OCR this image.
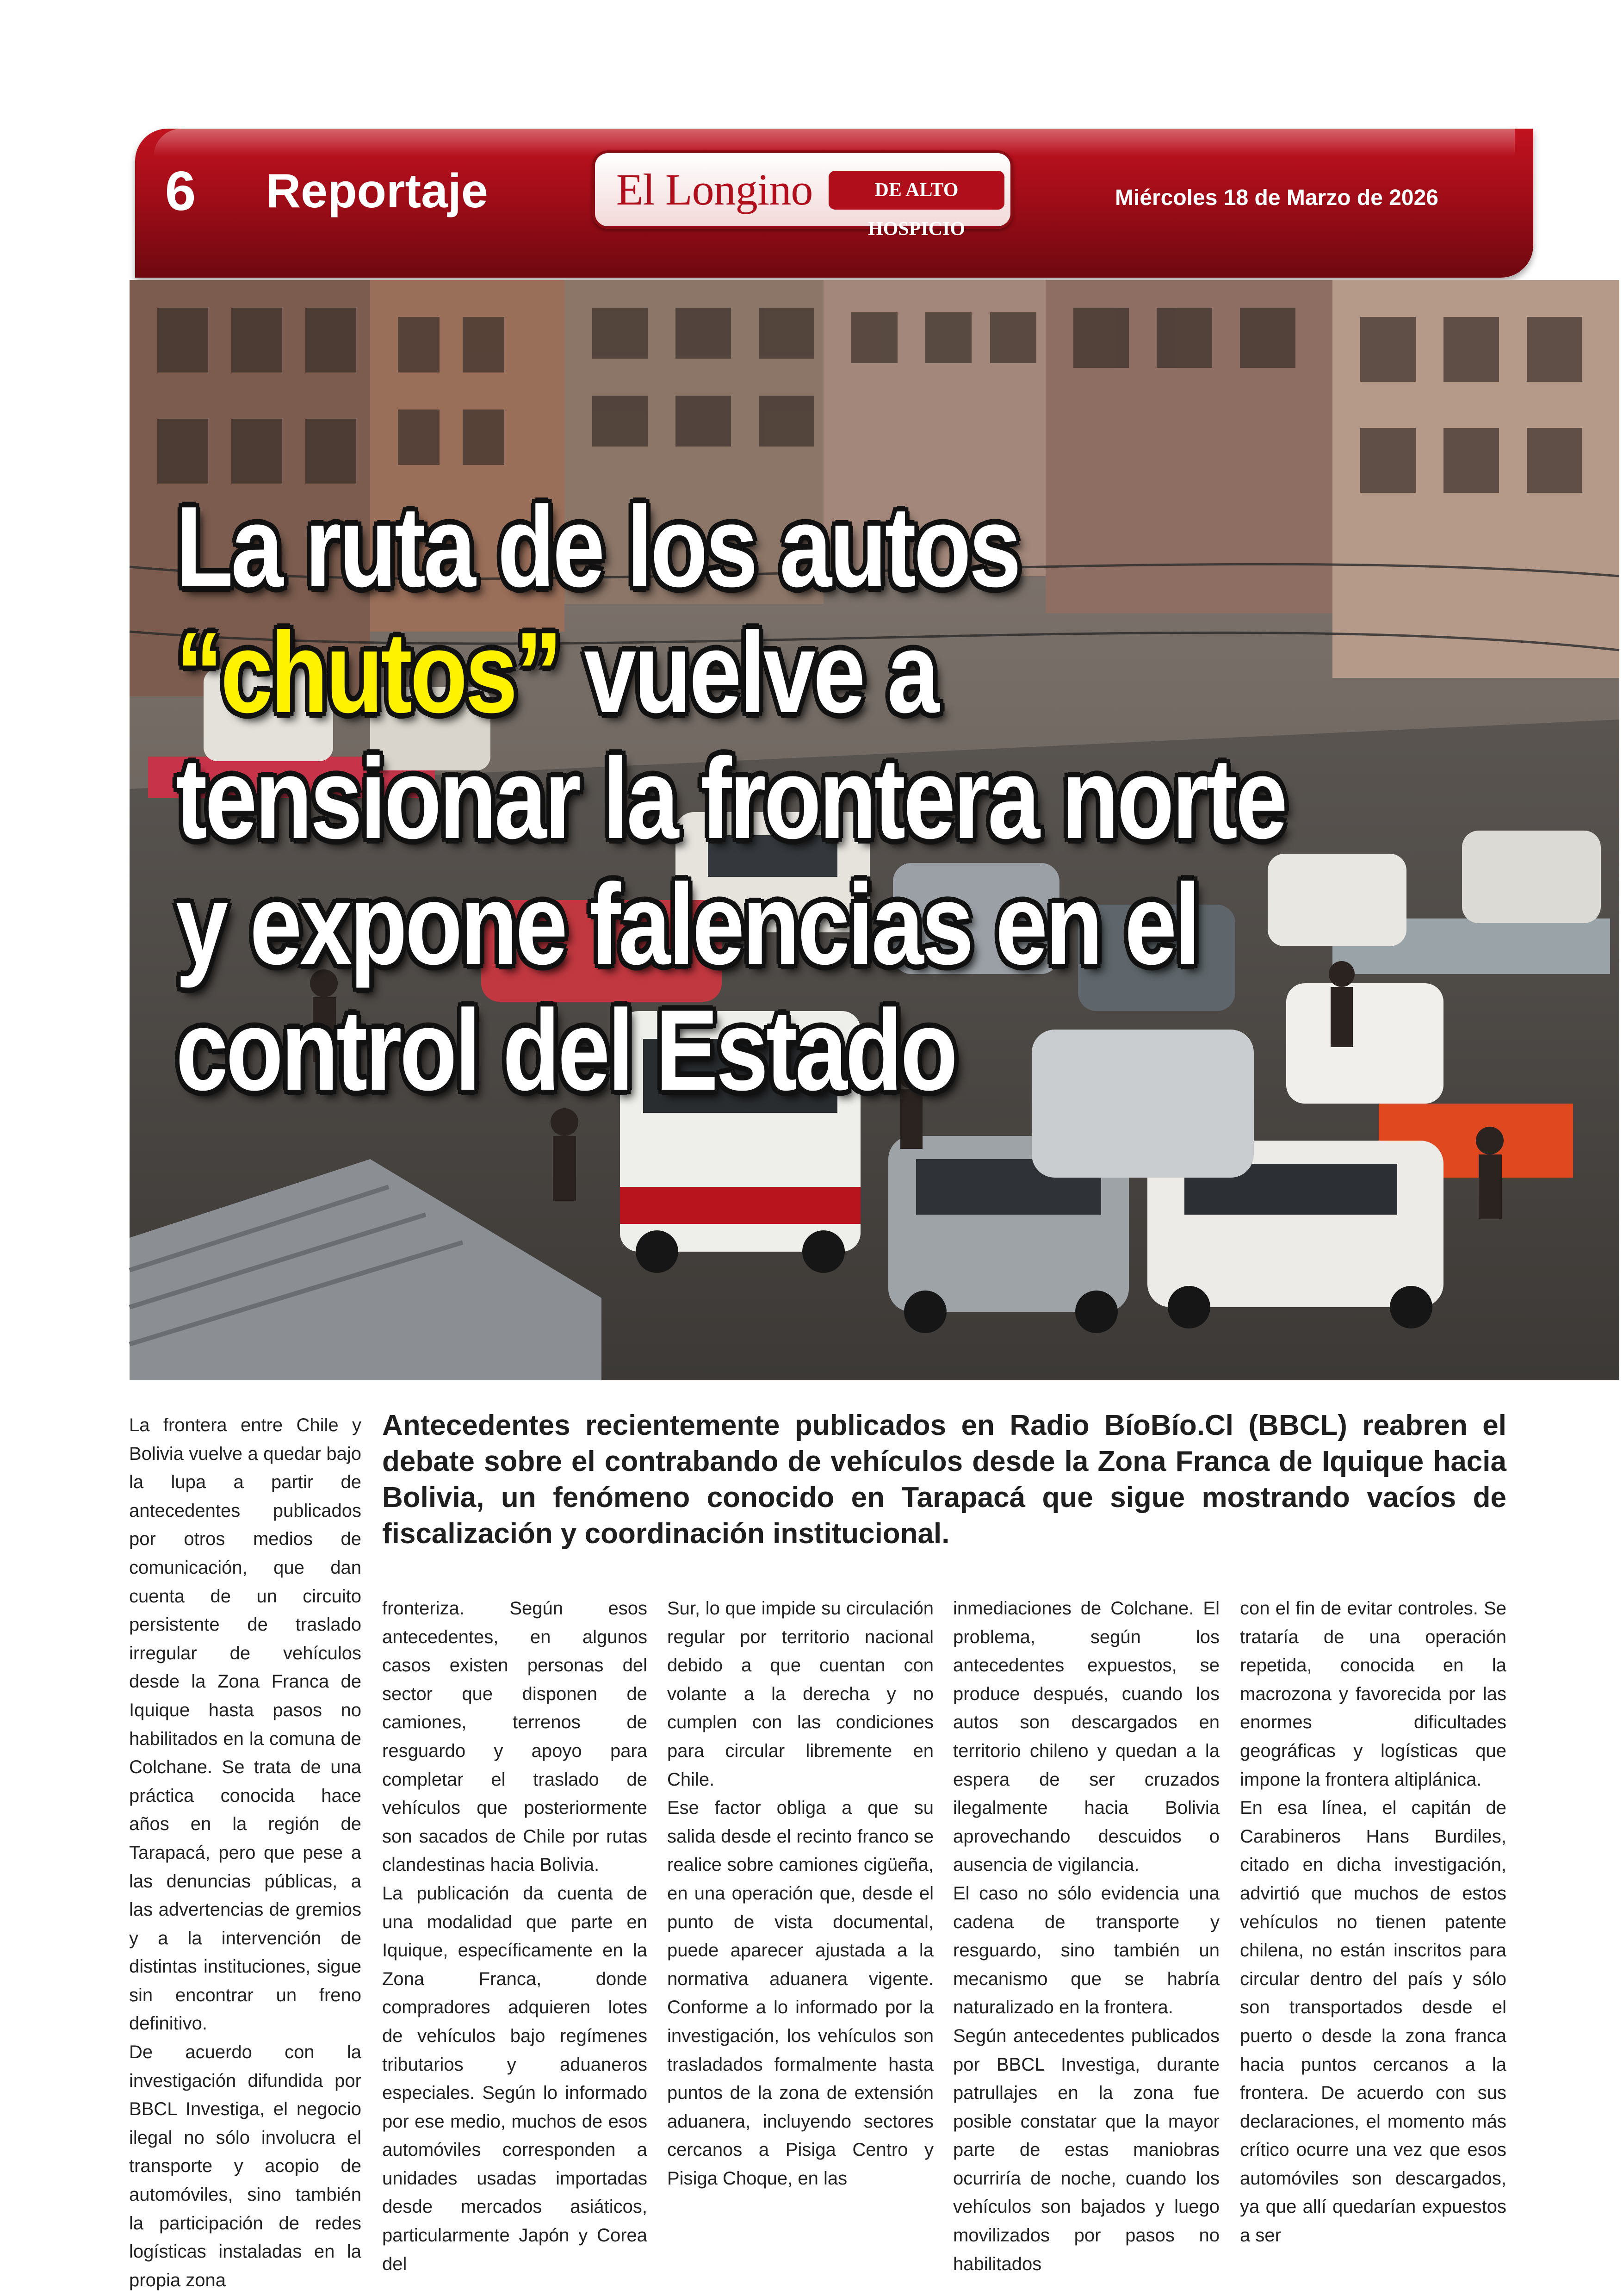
6 Reportaje	El Longino	DE ALTO HOSPICIO
Miércoles 18 de Marzo de 2026
La ruta de los autos “chutos” vuelve a tensionar la frontera norte y expone falencias en el control del Estado
Antecedentes recientemente publicados en Radio BíoBío.Cl (BBCL) reabren el debate sobre el contrabando de vehículos desde la Zona Franca de Iquique hacia Bolivia, un fenómeno conocido en Tarapacá que sigue mostrando vacíos de fiscalización y coordinación institucional.

La frontera entre Chile y Bolivia vuelve a quedar bajo la lupa a partir de antecedentes publicados por otros medios de comunicación, que dan cuenta de un circuito persistente de traslado irregular de vehículos desde la Zona Franca de Iquique hasta pasos no habilitados en la comuna de Colchane. Se trata de una práctica conocida hace años en la región de Tarapacá, pero que pese a las denuncias públicas, a las advertencias de gremios y a la intervención de distintas instituciones, sigue sin encontrar un freno definitivo.

De acuerdo con la investigación difundida por BBCL Investiga, el negocio ilegal no sólo involucra el transporte y acopio de automóviles, sino también la participación de redes logísticas instaladas en la propia zona

fronteriza. Según esos antecedentes, en algunos casos existen personas del sector que disponen de camiones, terrenos de resguardo y apoyo para completar el traslado de vehículos que posteriormente son sacados de Chile por rutas clandestinas hacia Bolivia.

La publicación da cuenta de una modalidad que parte en Iquique, específicamente en la Zona Franca, donde compradores adquieren lotes de vehículos bajo regímenes tributarios y aduaneros especiales. Según lo informado por ese medio, muchos de esos automóviles corresponden a unidades usadas importadas desde mercados asiáticos, particularmente Japón y Corea del

Sur, lo que impide su circulación regular por territorio nacional debido a que cuentan con volante a la derecha y no cumplen con las condiciones para circular libremente en Chile.

Ese factor obliga a que su salida desde el recinto franco se realice sobre camiones cigüeña, en una operación que, desde el punto de vista documental, puede aparecer ajustada a la normativa aduanera vigente. Conforme a lo informado por la investigación, los vehículos son trasladados formalmente hasta puntos de la zona de extensión aduanera, incluyendo sectores cercanos a Pisiga Centro y Pisiga Choque, en las

inmediaciones de Colchane. El problema, según los antecedentes expuestos, se produce después, cuando los autos son descargados en territorio chileno y quedan a la espera de ser cruzados ilegalmente hacia Bolivia aprovechando descuidos o ausencia de vigilancia.

El caso no sólo evidencia una cadena de transporte y resguardo, sino también un mecanismo que se habría naturalizado en la frontera.

Según antecedentes publicados por BBCL Investiga, durante patrullajes en la zona fue posible constatar que la mayor parte de estas maniobras ocurriría de noche, cuando los vehículos son bajados y luego movilizados por pasos no habilitados

con el fin de evitar controles. Se trataría de una operación repetida, conocida en la macrozona y favorecida por las enormes dificultades geográficas y logísticas que impone la frontera altiplánica.

En esa línea, el capitán de Carabineros Hans Burdiles, citado en dicha investigación, advirtió que muchos de estos vehículos no tienen patente chilena, no están inscritos para circular dentro del país y sólo son transportados desde el puerto o desde la zona franca hacia puntos cercanos a la frontera. De acuerdo con sus declaraciones, el momento más crítico ocurre una vez que esos automóviles son descargados, ya que allí quedarían expuestos a ser
